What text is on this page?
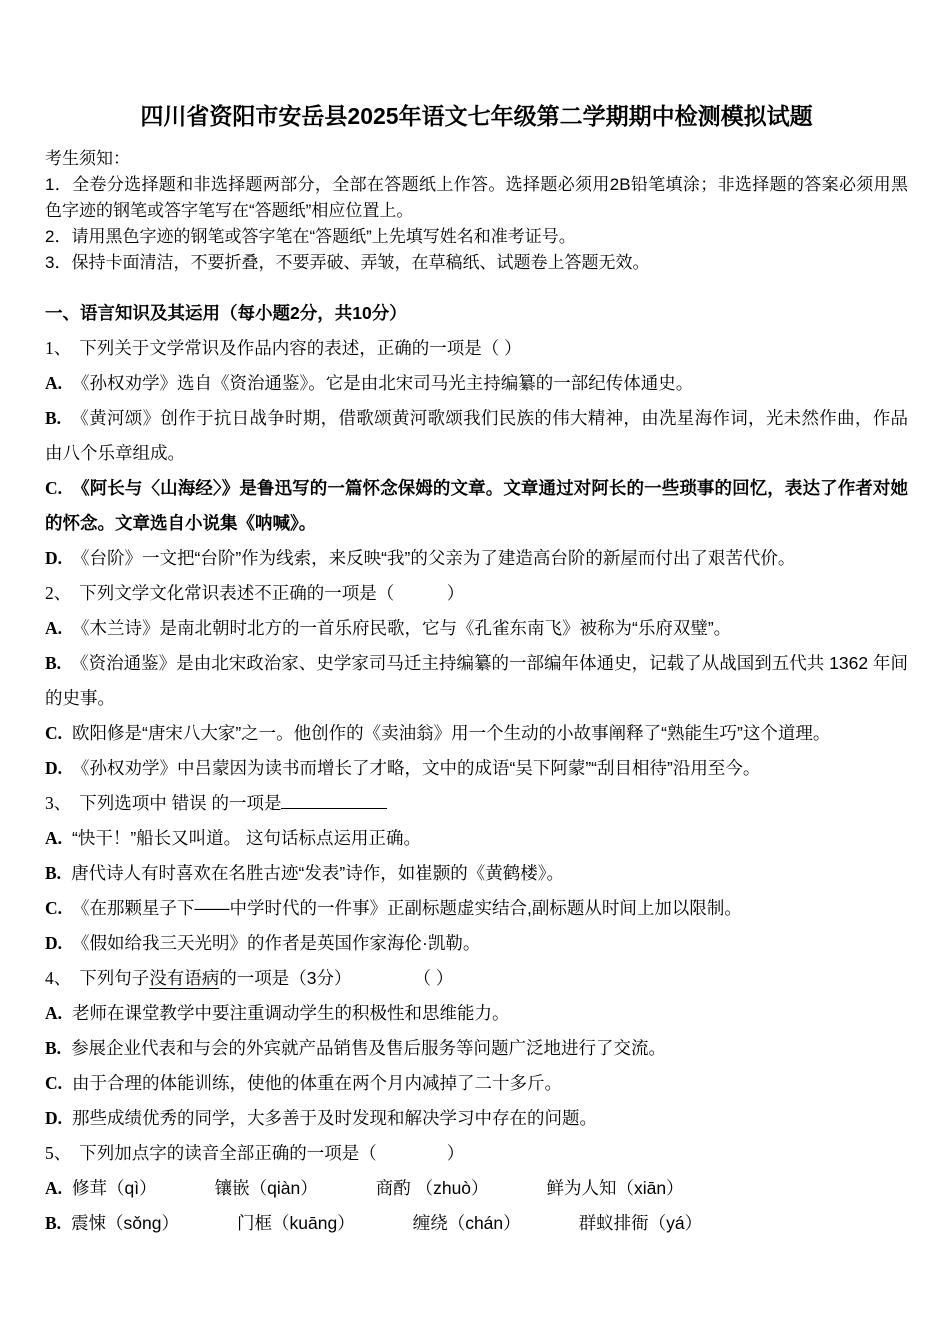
四川省资阳市安岳县2025年语文七年级第二学期期中检测模拟试题

考生须知：

1．全卷分选择题和非选择题两部分，全部在答题纸上作答。选择题必须用2B铅笔填涂；非选择题的答案必须用黑色字迹的钢笔或答字笔写在“答题纸”相应位置上。

2．请用黑色字迹的钢笔或答字笔在“答题纸”上先填写姓名和准考证号。

3．保持卡面清洁，不要折叠，不要弄破、弄皱，在草稿纸、试题卷上答题无效。

一、语言知识及其运用（每小题2分，共10分）

1、 下列关于文学常识及作品内容的表述，正确的一项是（ ）

A. 《孙权劝学》选自《资治通鉴》。它是由北宋司马光主持编纂的一部纪传体通史。

B. 《黄河颂》创作于抗日战争时期，借歌颂黄河歌颂我们民族的伟大精神，由冼星海作词，光未然作曲，作品由八个乐章组成。

C. 《阿长与〈山海经〉》是鲁迅写的一篇怀念保姆的文章。文章通过对阿长的一些琐事的回忆，表达了作者对她的怀念。文章选自小说集《呐喊》。

D. 《台阶》一文把“台阶”作为线索，来反映“我”的父亲为了建造高台阶的新屋而付出了艰苦代价。

2、 下列文学文化常识表述不正确的一项是（　　　）

A. 《木兰诗》是南北朝时北方的一首乐府民歌，它与《孔雀东南飞》被称为“乐府双璧”。

B. 《资治通鉴》是由北宋政治家、史学家司马迁主持编纂的一部编年体通史，记载了从战国到五代共 1362 年间的史事。

C. 欧阳修是“唐宋八大家”之一。他创作的《卖油翁》用一个生动的小故事阐释了“熟能生巧”这个道理。

D. 《孙权劝学》中吕蒙因为读书而增长了才略，文中的成语“吴下阿蒙”“刮目相待”沿用至今。

3、 下列选项中 错误 的一项是

A. “快干！”船长又叫道。 这句话标点运用正确。

B. 唐代诗人有时喜欢在名胜古迹“发表”诗作，如崔颢的《黄鹤楼》。

C. 《在那颗星子下——中学时代的一件事》正副标题虚实结合,副标题从时间上加以限制。

D. 《假如给我三天光明》的作者是英国作家海伦·凯勒。

4、 下列句子没有语病的一项是（3分）	（ ）

A. 老师在课堂教学中要注重调动学生的积极性和思维能力。

B. 参展企业代表和与会的外宾就产品销售及售后服务等问题广泛地进行了交流。

C. 由于合理的体能训练，使他的体重在两个月内减掉了二十多斤。

D. 那些成绩优秀的同学，大多善于及时发现和解决学习中存在的问题。

5、 下列加点字的读音全部正确的一项是（　　　　）

A. 修茸（qì）	镶嵌（qiàn）	商酌 （zhuò）	鲜为人知（xiān）

B. 震悚（sǒng）	门框（kuāng）	缠绕（chán）	群蚁排衙（yá）
